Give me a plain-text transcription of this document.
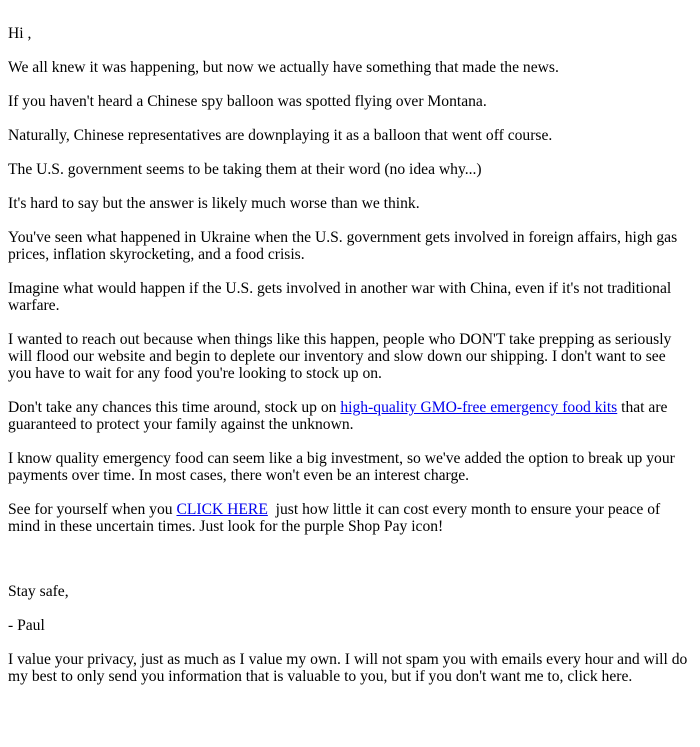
Hi ,
We all knew it was happening, but now we actually have something that made the news.
If you haven't heard a Chinese spy balloon was spotted flying over Montana.
Naturally, Chinese representatives are downplaying it as a balloon that went off course.
The U.S. government seems to be taking them at their word (no idea why...)
It's hard to say but the answer is likely much worse than we think.
You've seen what happened in Ukraine when the U.S. government gets involved in foreign affairs, high gas prices, inflation skyrocketing, and a food crisis.
Imagine what would happen if the U.S. gets involved in another war with China, even if it's not traditional warfare.
I wanted to reach out because when things like this happen, people who DON'T take prepping as seriously will flood our website and begin to deplete our inventory and slow down our shipping. I don't want to see you have to wait for any food you're looking to stock up on.
Don't take any chances this time around, stock up on high-quality GMO-free emergency food kits that are guaranteed to protect your family against the unknown.
I know quality emergency food can seem like a big investment, so we've added the option to break up your payments over time. In most cases, there won't even be an interest charge.
See for yourself when you CLICK HERE  just how little it can cost every month to ensure your peace of mind in these uncertain times. Just look for the purple Shop Pay icon!
Stay safe,
- Paul
I value your privacy, just as much as I value my own. I will not spam you with emails every hour and will do my best to only send you information that is valuable to you, but if you don't want me to, click here.
